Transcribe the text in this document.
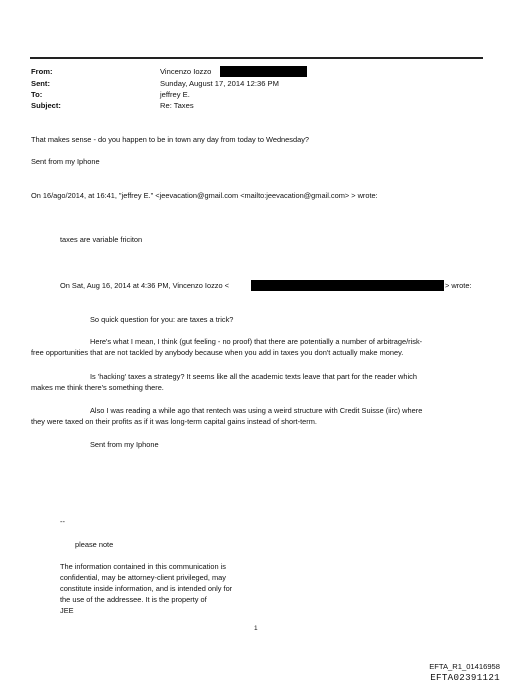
From:	Vincenzo Iozzo
Sent:	Sunday, August 17, 2014 12:36 PM
To:	jeffrey E.
Subject:	Re: Taxes
That makes sense - do you happen to be in town any day from today to Wednesday?
Sent from my Iphone
On 16/ago/2014, at 16:41, "jeffrey E." <jeevacation@gmail.com <mailto:jeevacation@gmail.com> > wrote:
taxes are variable friciton
On Sat, Aug 16, 2014 at 4:36 PM, Vincenzo Iozzo <	> wrote:
So quick question for you: are taxes a trick?
Here's what I mean, I think (gut feeling - no proof) that there are potentially a number of arbitrage/risk-
free opportunities that are not tackled by anybody because when you add in taxes you don't actually make money.
Is 'hacking' taxes a strategy? It seems like all the academic texts leave that part for the reader which
makes me think there's something there.
Also I was reading a while ago that rentech was using a weird structure with Credit Suisse (iirc) where
they were taxed on their profits as if it was long-term capital gains instead of short-term.
Sent from my Iphone
--
please note
The information contained in this communication is
confidential, may be attorney-client privileged, may
constitute inside information, and is intended only for
the use of the addressee. It is the property of
JEE
1
EFTA_R1_01416958
EFTA02391121
